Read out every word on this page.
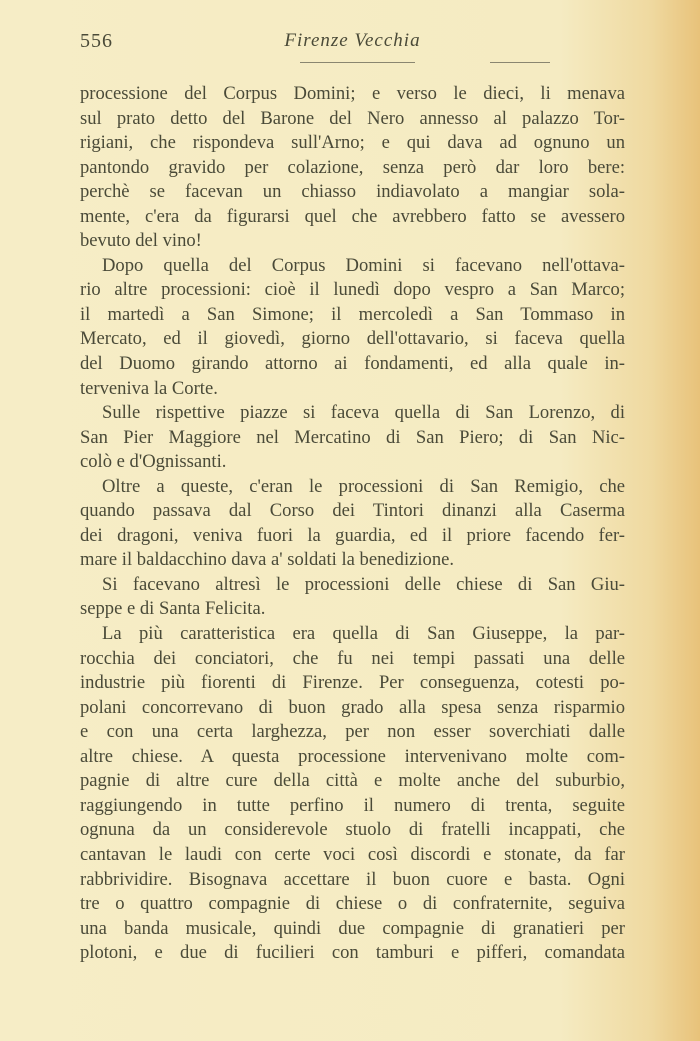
556	Firenze Vecchia
processione del Corpus Domini; e verso le dieci, li menava
sul prato detto del Barone del Nero annesso al palazzo Tor-
rigiani, che rispondeva sull'Arno; e qui dava ad ognuno un
pantondo gravido per colazione, senza però dar loro bere:
perchè se facevan un chiasso indiavolato a mangiar sola-
mente, c'era da figurarsi quel che avrebbero fatto se avessero
bevuto del vino!
Dopo quella del Corpus Domini si facevano nell'ottava-
rio altre processioni: cioè il lunedì dopo vespro a San Marco;
il martedì a San Simone; il mercoledì a San Tommaso in
Mercato, ed il giovedì, giorno dell'ottavario, si faceva quella
del Duomo girando attorno ai fondamenti, ed alla quale in-
terveniva la Corte.
Sulle rispettive piazze si faceva quella di San Lorenzo, di
San Pier Maggiore nel Mercatino di San Piero; di San Nic-
colò e d'Ognissanti.
Oltre a queste, c'eran le processioni di San Remigio, che
quando passava dal Corso dei Tintori dinanzi alla Caserma
dei dragoni, veniva fuori la guardia, ed il priore facendo fer-
mare il baldacchino dava a' soldati la benedizione.
Si facevano altresì le processioni delle chiese di San Giu-
seppe e di Santa Felicita.
La più caratteristica era quella di San Giuseppe, la par-
rocchia dei conciatori, che fu nei tempi passati una delle
industrie più fiorenti di Firenze. Per conseguenza, cotesti po-
polani concorrevano di buon grado alla spesa senza risparmio
e con una certa larghezza, per non esser soverchiati dalle
altre chiese. A questa processione intervenivano molte com-
pagnie di altre cure della città e molte anche del suburbio,
raggiungendo in tutte perfino il numero di trenta, seguite
ognuna da un considerevole stuolo di fratelli incappati, che
cantavan le laudi con certe voci così discordi e stonate, da far
rabbrividire. Bisognava accettare il buon cuore e basta. Ogni
tre o quattro compagnie di chiese o di confraternite, seguiva
una banda musicale, quindi due compagnie di granatieri per
plotoni, e due di fucilieri con tamburi e pifferi, comandata
